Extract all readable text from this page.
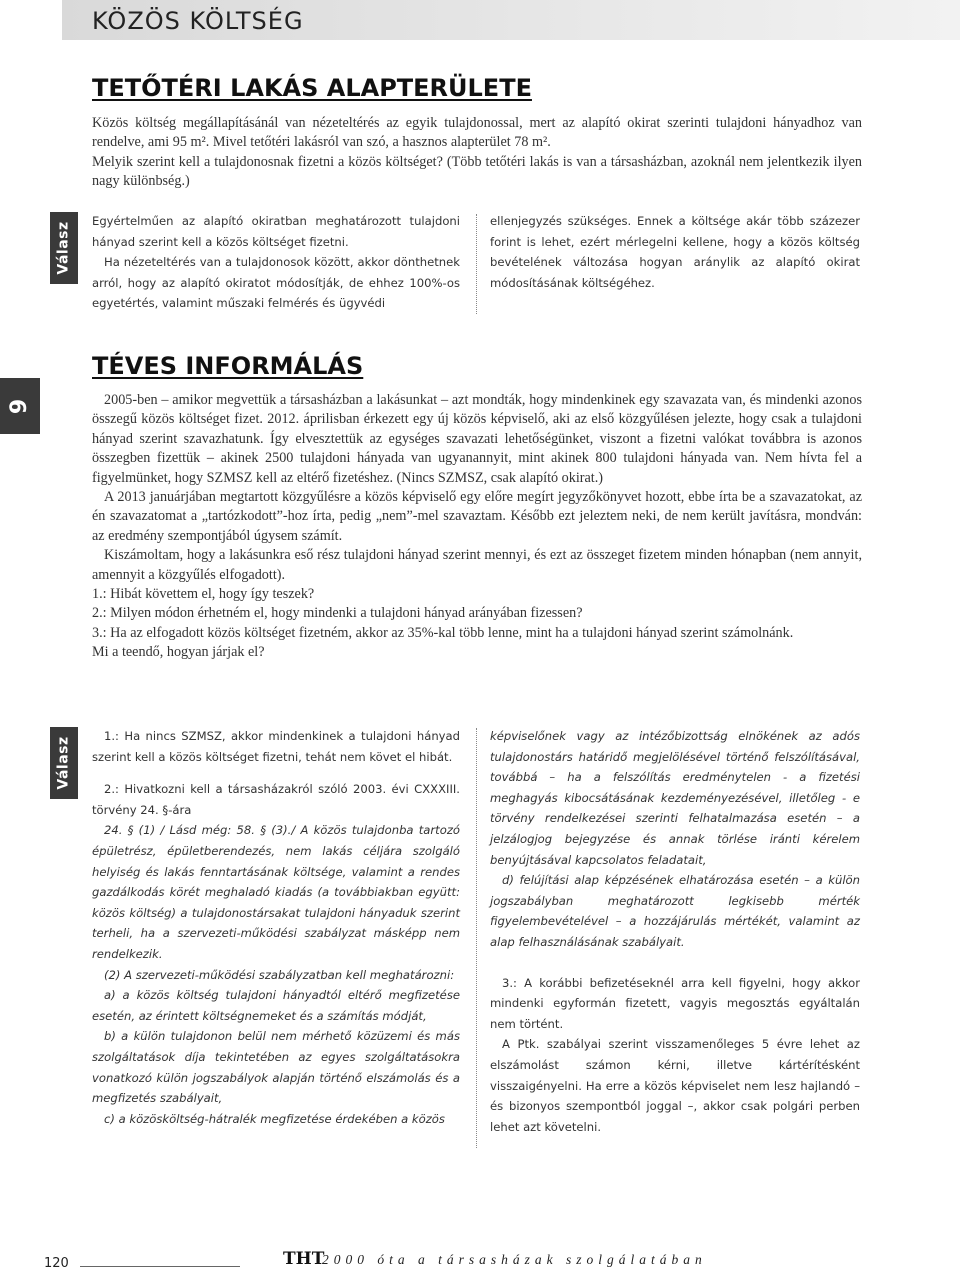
KÖZÖS KÖLTSÉG
TETŐTÉRI LAKÁS ALAPTERÜLETE

Közös költség megállapításánál van nézeteltérés az egyik tulajdonossal, mert az alapító okirat szerinti tulajdoni hányadhoz van rendelve, ami 95 m². Mivel tetőtéri lakásról van szó, a hasznos alapterület 78 m².

Melyik szerint kell a tulajdonosnak fizetni a közös költséget? (Több tetőtéri lakás is van a társasházban, azoknál nem jelentkezik ilyen nagy különbség.)

Válasz

Egyértelműen az alapító okiratban meghatározott tulajdoni hányad szerint kell a közös költséget fizetni.

Ha nézeteltérés van a tulajdonosok között, akkor dönthetnek arról, hogy az alapító okiratot módosítják, de ehhez 100%-os egyetértés, valamint műszaki felmérés és ügyvédi

ellenjegyzés szükséges. Ennek a költsége akár több százezer forint is lehet, ezért mérlegelni kellene, hogy a közös költség bevételének változása hogyan aránylik az alapító okirat módosításának költségéhez.

9
TÉVES INFORMÁLÁS

2005-ben – amikor megvettük a társasházban a lakásunkat – azt mondták, hogy mindenkinek egy szavazata van, és mindenki azonos összegű közös költséget fizet. 2012. áprilisban érkezett egy új közös képviselő, aki az első közgyűlésen jelezte, hogy csak a tulajdoni hányad szerint szavazhatunk. Így elvesztettük az egységes szavazati lehetőségünket, viszont a fizetni valókat továbbra is azonos összegben fizettük – akinek 2500 tulajdoni hányada van ugyanannyit, mint akinek 800 tulajdoni hányada van. Nem hívta fel a figyelmünket, hogy SZMSZ kell az eltérő fizetéshez. (Nincs SZMSZ, csak alapító okirat.)

A 2013 januárjában megtartott közgyűlésre a közös képviselő egy előre megírt jegyzőkönyvet hozott, ebbe írta be a szavazatokat, az én szavazatomat a „tartózkodott”-hoz írta, pedig „nem”-mel szavaztam. Később ezt jeleztem neki, de nem került javításra, mondván: az eredmény szempontjából úgysem számít.

Kiszámoltam, hogy a lakásunkra eső rész tulajdoni hányad szerint mennyi, és ezt az összeget fizetem minden hónapban (nem annyit, amennyit a közgyűlés elfogadott).

1.: Hibát követtem el, hogy így teszek?

2.: Milyen módon érhetném el, hogy mindenki a tulajdoni hányad arányában fizessen?

3.: Ha az elfogadott közös költséget fizetném, akkor az 35%-kal több lenne, mint ha a tulajdoni hányad szerint számolnánk.

Mi a teendő, hogyan járjak el?

Válasz

1.: Ha nincs SZMSZ, akkor mindenkinek a tulajdoni hányad szerint kell a közös költséget fizetni, tehát nem követ el hibát.

2.: Hivatkozni kell a társasházakról szóló 2003. évi CXXXIII. törvény 24. §-ára

24. § (1) / Lásd még: 58. § (3)./ A közös tulajdonba tartozó épületrész, épületberendezés, nem lakás céljára szolgáló helyiség és lakás fenntartásának költsége, valamint a rendes gazdálkodás körét meghaladó kiadás (a továbbiakban együtt: közös költség) a tulajdonostársakat tulajdoni hányaduk szerint terheli, ha a szervezeti-működési szabályzat másképp nem rendelkezik.

(2) A szervezeti-működési szabályzatban kell meghatározni:

a) a közös költség tulajdoni hányadtól eltérő megfizetése esetén, az érintett költségnemeket és a számítás módját,

b) a külön tulajdonon belül nem mérhető közüzemi és más szolgáltatások díja tekintetében az egyes szolgáltatásokra vonatkozó külön jogszabályok alapján történő elszámolás és a megfizetés szabályait,

c) a közösköltség-hátralék megfizetése érdekében a közös

képviselőnek vagy az intézőbizottság elnökének az adós tulajdonostárs határidő megjelölésével történő felszólításával, továbbá – ha a felszólítás eredménytelen - a fizetési meghagyás kibocsátásának kezdeményezésével, illetőleg - e törvény rendelkezései szerinti felhatalmazása esetén – a jelzálogjog bejegyzése és annak törlése iránti kérelem benyújtásával kapcsolatos feladatait,

d) felújítási alap képzésének elhatározása esetén – a külön jogszabályban meghatározott legkisebb mérték figyelembevételével – a hozzájárulás mértékét, valamint az alap felhasználásának szabályait.

3.: A korábbi befizetéseknél arra kell figyelni, hogy akkor mindenki egyformán fizetett, vagyis megosztás egyáltalán nem történt.

A Ptk. szabályai szerint visszamenőleges 5 évre lehet az elszámolást számon kérni, illetve kártérítésként visszaigényelni. Ha erre a közös képviselet nem lesz hajlandó – és bizonyos szempontból joggal –, akkor csak polgári perben lehet azt követelni.

120	THT
2000 óta a társasházak szolgálatában
